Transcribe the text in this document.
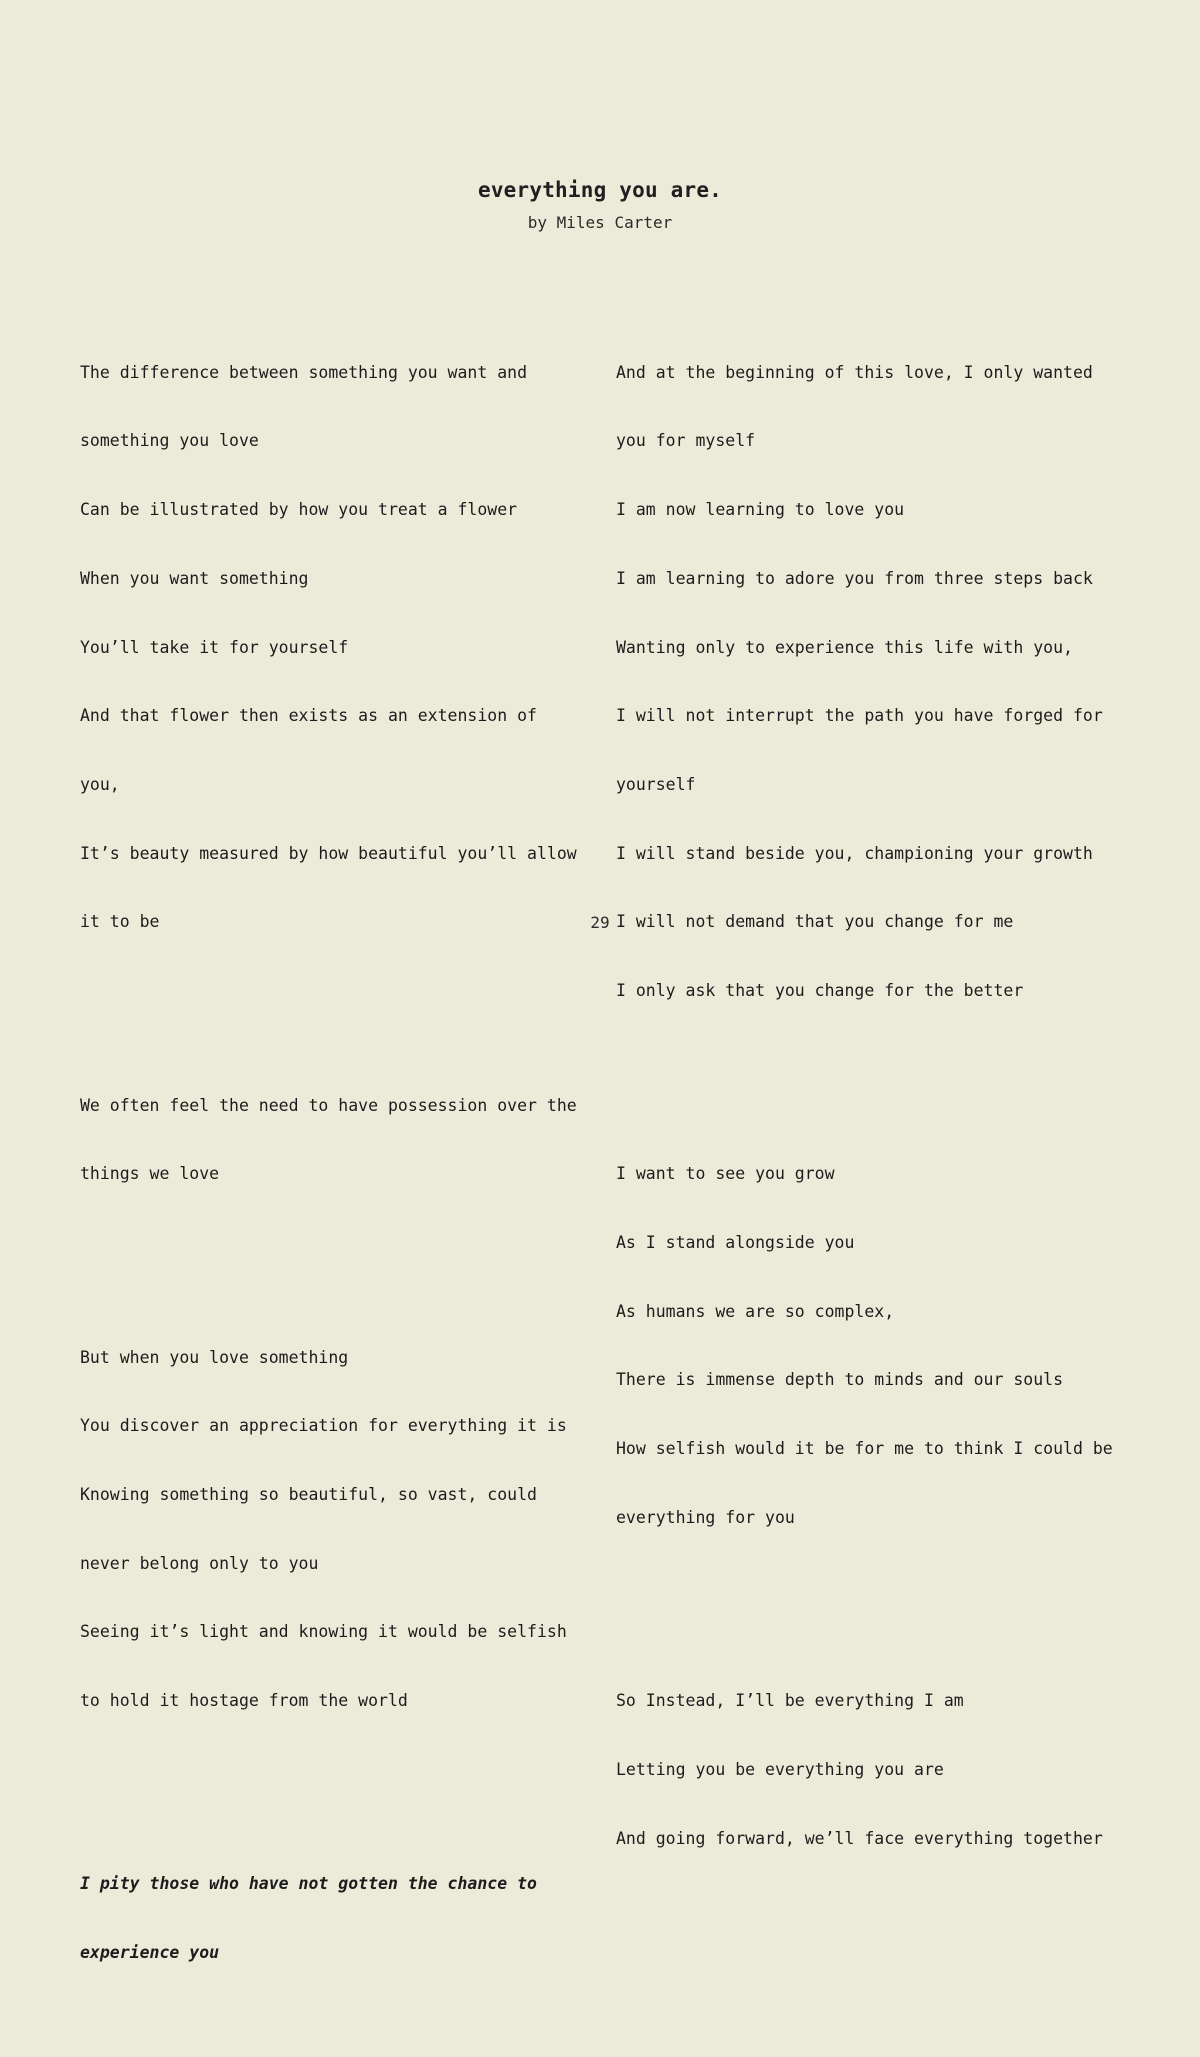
everything you are.
by Miles Carter

The difference between something you want and

something you love

Can be illustrated by how you treat a flower

When you want something

You’ll take it for yourself

And that flower then exists as an extension of

you,

It’s beauty measured by how beautiful you’ll allow

it to be

We often feel the need to have possession over the

things we love

But when you love something

You discover an appreciation for everything it is

Knowing something so beautiful, so vast, could

never belong only to you

Seeing it’s light and knowing it would be selfish

to hold it hostage from the world

I pity those who have not gotten the chance to

experience you

And at the beginning of this love, I only wanted

you for myself

I am now learning to love you

I am learning to adore you from three steps back

Wanting only to experience this life with you,

I will not interrupt the path you have forged for

yourself

I will stand beside you, championing your growth

I will not demand that you change for me

I only ask that you change for the better

I want to see you grow

As I stand alongside you

As humans we are so complex,

There is immense depth to minds and our souls

How selfish would it be for me to think I could be

everything for you

So Instead, I’ll be everything I am

Letting you be everything you are

And going forward, we’ll face everything together

29
